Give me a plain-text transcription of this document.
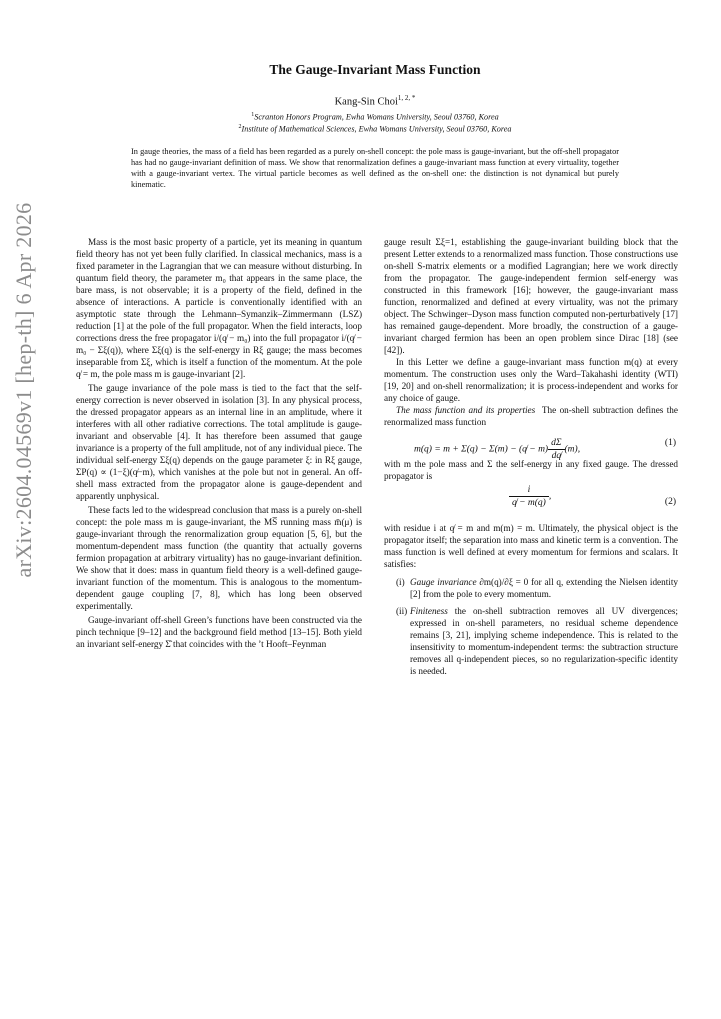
arXiv:2604.04569v1 [hep-th] 6 Apr 2026
The Gauge-Invariant Mass Function
Kang-Sin Choi$^{1, 2, *}$
$^1$Scranton Honors Program, Ewha Womans University, Seoul 03760, Korea
$^2$Institute of Mathematical Sciences, Ewha Womans University, Seoul 03760, Korea
In gauge theories, the mass of a field has been regarded as a purely on-shell concept: the pole mass is gauge-invariant, but the off-shell propagator has had no gauge-invariant definition of mass. We show that renormalization defines a gauge-invariant mass function at every virtuality, together with a gauge-invariant vertex. The virtual particle becomes as well defined as the on-shell one: the distinction is not dynamical but purely kinematic.

Mass is the most basic property of a particle, yet its meaning in quantum field theory has not yet been fully clarified. In classical mechanics, mass is a fixed parameter in the Lagrangian that we can measure without disturbing. In quantum field theory, the parameter m₀ that appears in the same place, the bare mass, is not observable; it is a property of the field, defined in the absence of interactions. A particle is conventionally identified with an asymptotic state through the Lehmann–Symanzik–Zimmermann (LSZ) reduction [1] at the pole of the full propagator. When the field interacts, loop corrections dress the free propagator i/(q̸ − m₀) into the full propagator i/(q̸ − m₀ − Σξ(q)), where Σξ(q) is the self-energy in Rξ gauge; the mass becomes inseparable from Σξ, which is itself a function of the momentum. At the pole q̸ = m, the pole mass m is gauge-invariant [2].

The gauge invariance of the pole mass is tied to the fact that the self-energy correction is never observed in isolation [3]. In any physical process, the dressed propagator appears as an internal line in an amplitude, where it interferes with all other radiative corrections. The total amplitude is gauge-invariant and observable [4]. It has therefore been assumed that gauge invariance is a property of the full amplitude, not of any individual piece. The individual self-energy Σξ(q) depends on the gauge parameter ξ: in Rξ gauge, ΣP(q) ∝ (1−ξ)(q̸−m), which vanishes at the pole but not in general. An off-shell mass extracted from the propagator alone is gauge-dependent and apparently unphysical.

These facts led to the widespread conclusion that mass is a purely on-shell concept: the pole mass m is gauge-invariant, the MS̅ running mass m̄(μ) is gauge-invariant through the renormalization group equation [5, 6], but the momentum-dependent mass function (the quantity that actually governs fermion propagation at arbitrary virtuality) has no gauge-invariant definition. We show that it does: mass in quantum field theory is a well-defined gauge-invariant function of the momentum. This is analogous to the momentum-dependent gauge coupling [7, 8], which has long been observed experimentally.

Gauge-invariant off-shell Green’s functions have been constructed via the pinch technique [9–12] and the background field method [13–15]. Both yield an invariant self-energy Σ̂ that coincides with the ’t Hooft–Feynman

gauge result Σξ=1, establishing the gauge-invariant building block that the present Letter extends to a renormalized mass function. Those constructions use on-shell S-matrix elements or a modified Lagrangian; here we work directly from the propagator. The gauge-independent fermion self-energy was constructed in this framework [16]; however, the gauge-invariant mass function, renormalized and defined at every virtuality, was not the primary object. The Schwinger–Dyson mass function computed non-perturbatively [17] has remained gauge-dependent. More broadly, the construction of a gauge-invariant charged fermion has been an open problem since Dirac [18] (see [42]).

In this Letter we define a gauge-invariant mass function m(q) at every momentum. The construction uses only the Ward–Takahashi identity (WTI) [19, 20] and on-shell renormalization; it is process-independent and works for any choice of gauge.

The mass function and its properties The on-shell subtraction defines the renormalized mass function

m(q) = m + Σ(q) − Σ(m) − (q̸ − $m) \frac{d\Sigma}{dq̸} (m)$,
(1)

with m the pole mass and Σ the self-energy in any fixed gauge. The dressed propagator is

$\frac{i}{q̸ - m(q)}$ ,
(2)

with residue i at q̸ = m and m(m) = m. Ultimately, the physical object is the propagator itself; the separation into mass and kinetic term is a convention. The mass function is well defined at every momentum for fermions and scalars. It satisfies:

(i) Gauge invariance ∂m(q)/∂ξ = 0 for all q, extending the Nielsen identity [2] from the pole to every momentum.
(ii) Finiteness the on-shell subtraction removes all UV divergences; expressed in on-shell parameters, no residual scheme dependence remains [3, 21], implying scheme independence. This is related to the insensitivity to momentum-independent terms: the subtraction structure removes all q-independent pieces, so no regularization-specific identity is needed.
